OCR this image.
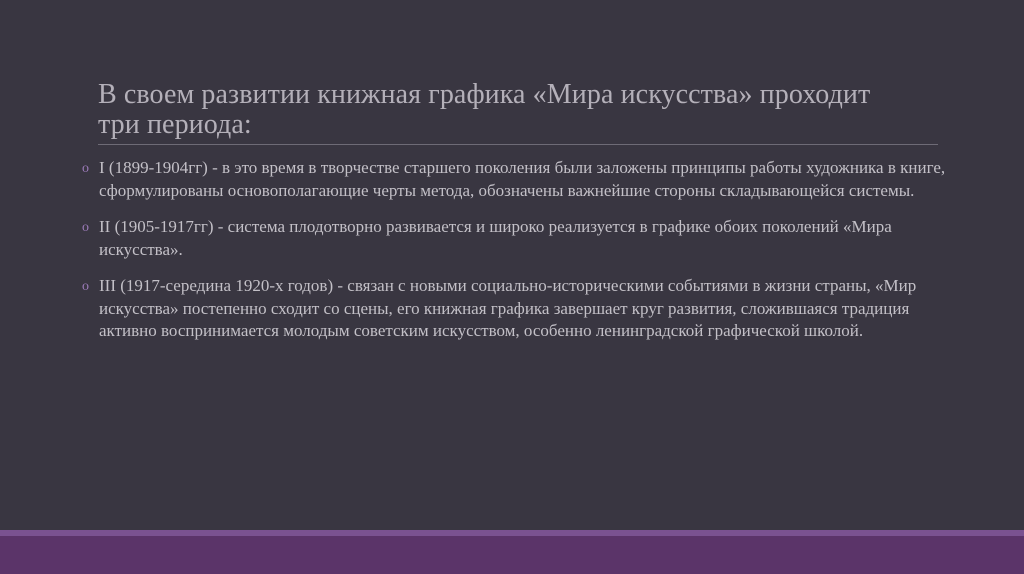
В своем развитии книжная графика «Мира искусства» проходит три периода:
o I (1899-1904гг) - в это время в творчестве старшего поколения были заложены принципы работы художника в книге, сформулированы основополагающие черты метода, обозначены важнейшие стороны складывающейся системы.
o II (1905-1917гг) - система плодотворно развивается и широко реализуется в графике обоих поколений «Мира искусства».
o III (1917-середина 1920-х годов) - связан с новыми социально-историческими событиями в жизни страны, «Мир искусства» постепенно сходит со сцены, его книжная графика завершает круг развития, сложившаяся традиция активно воспринимается молодым советским искусством, особенно ленинградской графической школой.
